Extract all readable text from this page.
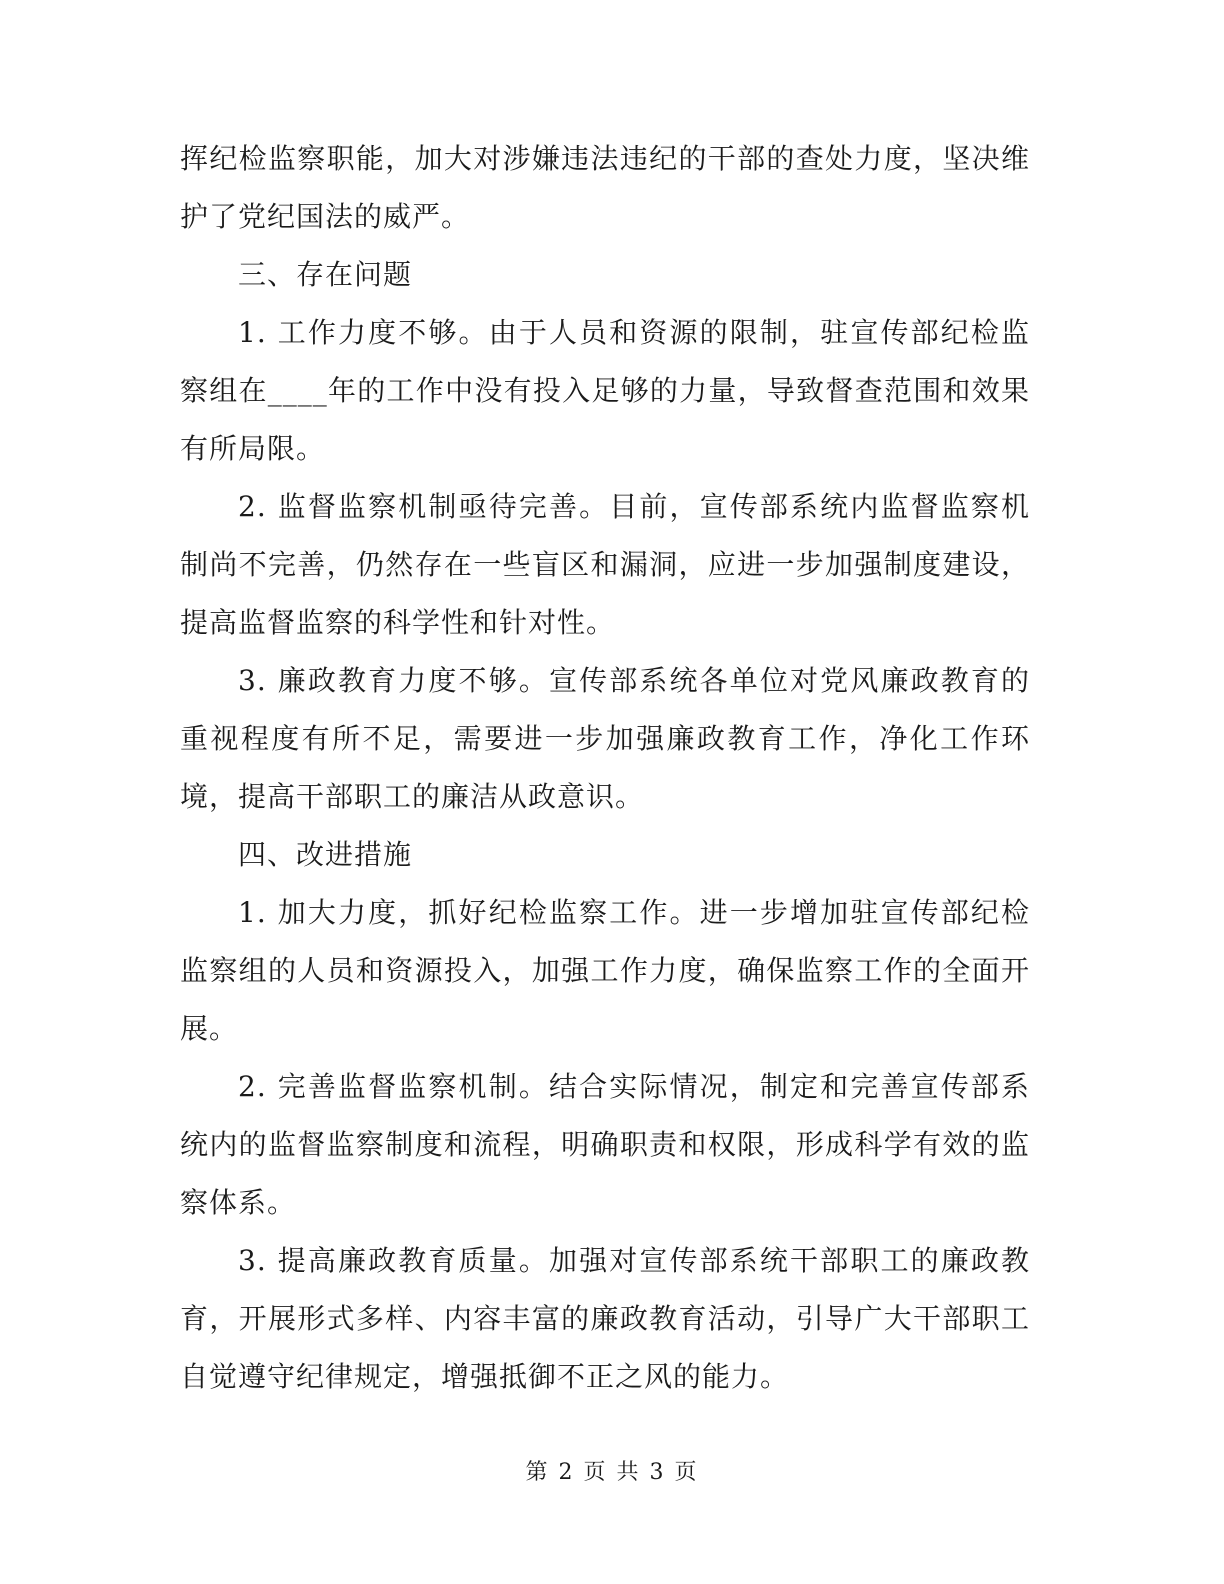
挥纪检监察职能，加大对涉嫌违法违纪的干部的查处力度，坚决维护了党纪国法的威严。

三、存在问题

1. 工作力度不够。由于人员和资源的限制，驻宣传部纪检监察组在____年的工作中没有投入足够的力量，导致督查范围和效果有所局限。

2. 监督监察机制亟待完善。目前，宣传部系统内监督监察机制尚不完善，仍然存在一些盲区和漏洞，应进一步加强制度建设，提高监督监察的科学性和针对性。

3. 廉政教育力度不够。宣传部系统各单位对党风廉政教育的重视程度有所不足，需要进一步加强廉政教育工作，净化工作环境，提高干部职工的廉洁从政意识。

四、改进措施

1. 加大力度，抓好纪检监察工作。进一步增加驻宣传部纪检监察组的人员和资源投入，加强工作力度，确保监察工作的全面开展。

2. 完善监督监察机制。结合实际情况，制定和完善宣传部系统内的监督监察制度和流程，明确职责和权限，形成科学有效的监察体系。

3. 提高廉政教育质量。加强对宣传部系统干部职工的廉政教育，开展形式多样、内容丰富的廉政教育活动，引导广大干部职工自觉遵守纪律规定，增强抵御不正之风的能力。

第 2 页 共 3 页
